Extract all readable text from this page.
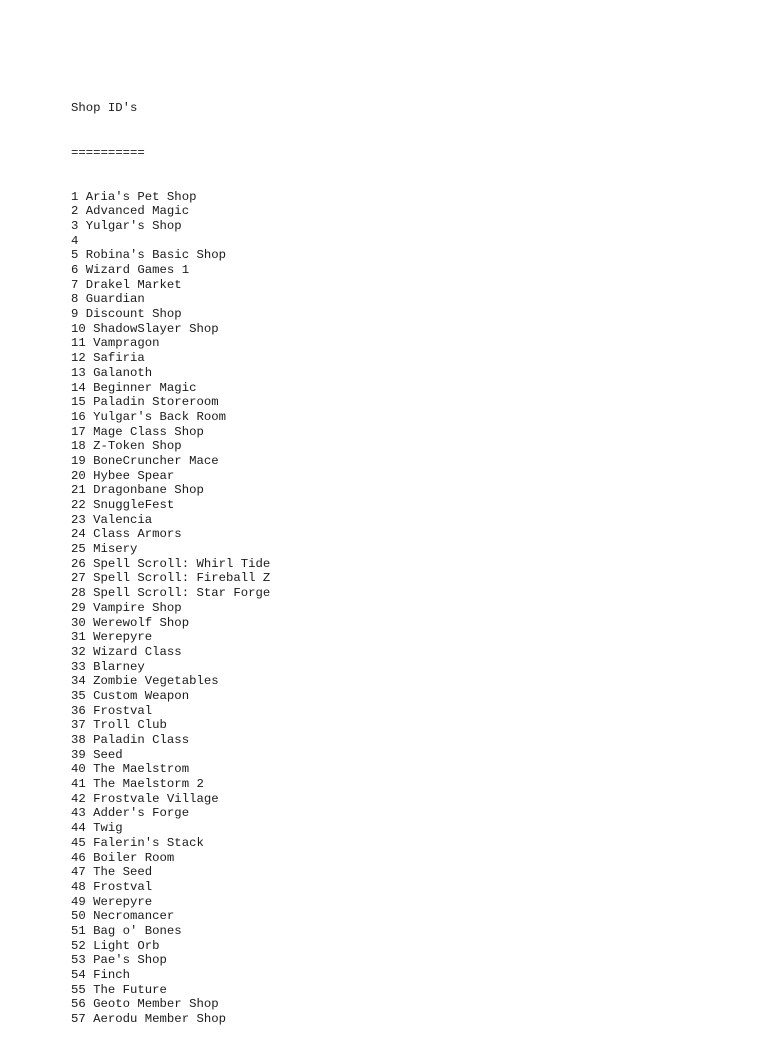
Shop ID's

==========

1 Aria's Pet Shop
2 Advanced Magic
3 Yulgar's Shop
4
5 Robina's Basic Shop
6 Wizard Games 1
7 Drakel Market
8 Guardian
9 Discount Shop
10 ShadowSlayer Shop
11 Vampragon
12 Safiria
13 Galanoth
14 Beginner Magic
15 Paladin Storeroom
16 Yulgar's Back Room
17 Mage Class Shop
18 Z-Token Shop
19 BoneCruncher Mace
20 Hybee Spear
21 Dragonbane Shop
22 SnuggleFest
23 Valencia
24 Class Armors
25 Misery
26 Spell Scroll: Whirl Tide
27 Spell Scroll: Fireball Z
28 Spell Scroll: Star Forge
29 Vampire Shop
30 Werewolf Shop
31 Werepyre
32 Wizard Class
33 Blarney
34 Zombie Vegetables
35 Custom Weapon
36 Frostval
37 Troll Club
38 Paladin Class
39 Seed
40 The Maelstrom
41 The Maelstorm 2
42 Frostvale Village
43 Adder's Forge
44 Twig
45 Falerin's Stack
46 Boiler Room
47 The Seed
48 Frostval
49 Werepyre
50 Necromancer
51 Bag o' Bones
52 Light Orb
53 Pae's Shop
54 Finch
55 The Future
56 Geoto Member Shop
57 Aerodu Member Shop
